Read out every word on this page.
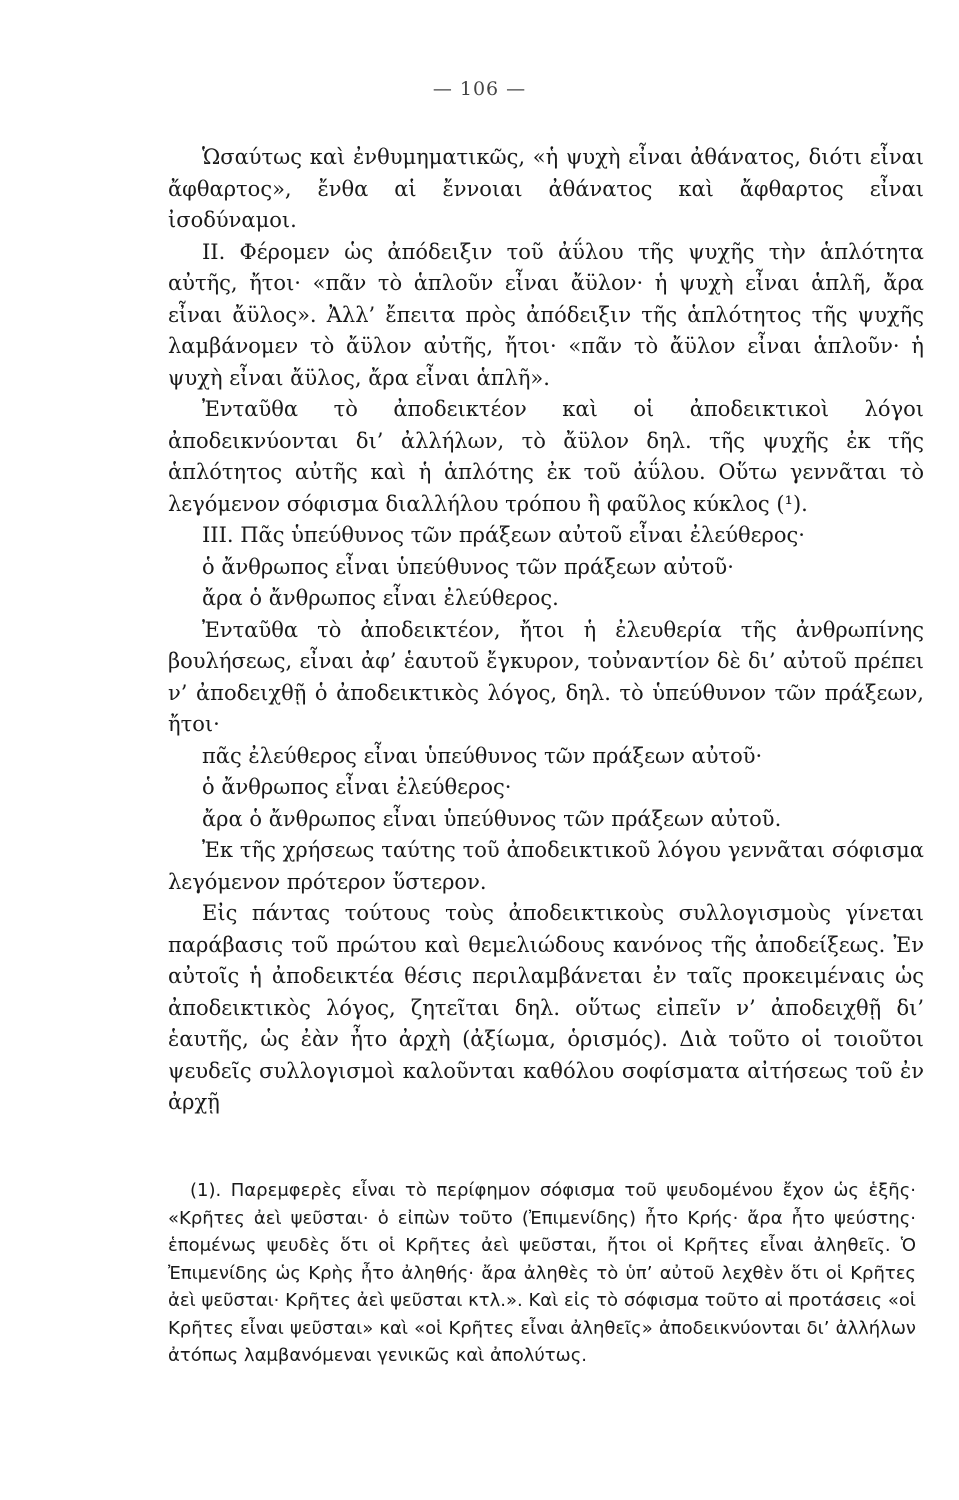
— 106 —

Ὡσαύτως καὶ ἐνθυμηματικῶς, «ἡ ψυχὴ εἶναι ἀθάνατος, διότι εἶναι ἄφθαρτος», ἔνθα αἱ ἔννοιαι ἀθάνατος καὶ ἄφθαρτος εἶναι ἰσοδύναμοι.

II. Φέρομεν ὡς ἀπόδειξιν τοῦ ἀΰλου τῆς ψυχῆς τὴν ἁπλότητα αὐτῆς, ἤτοι· «πᾶν τὸ ἁπλοῦν εἶναι ἄϋλον· ἡ ψυχὴ εἶναι ἁπλῆ, ἄρα εἶναι ἄϋλος». Ἀλλ’ ἔπειτα πρὸς ἀπόδειξιν τῆς ἁπλότητος τῆς ψυχῆς λαμβάνομεν τὸ ἄϋλον αὐτῆς, ἤτοι· «πᾶν τὸ ἄϋλον εἶναι ἁπλοῦν· ἡ ψυχὴ εἶναι ἄϋλος, ἄρα εἶναι ἁπλῆ».

Ἐνταῦθα τὸ ἀποδεικτέον καὶ οἱ ἀποδεικτικοὶ λόγοι ἀποδεικνύονται δι’ ἀλλήλων, τὸ ἄϋλον δηλ. τῆς ψυχῆς ἐκ τῆς ἁπλότητος αὐτῆς καὶ ἡ ἁπλότης ἐκ τοῦ ἀΰλου. Οὕτω γεννᾶται τὸ λεγόμενον σόφισμα διαλλήλου τρόπου ἢ φαῦλος κύκλος (¹).

III. Πᾶς ὑπεύθυνος τῶν πράξεων αὐτοῦ εἶναι ἐλεύθερος·

ὁ ἄνθρωπος εἶναι ὑπεύθυνος τῶν πράξεων αὐτοῦ·

ἄρα ὁ ἄνθρωπος εἶναι ἐλεύθερος.

Ἐνταῦθα τὸ ἀποδεικτέον, ἤτοι ἡ ἐλευθερία τῆς ἀνθρωπίνης βουλήσεως, εἶναι ἀφ’ ἑαυτοῦ ἔγκυρον, τοὐναντίον δὲ δι’ αὐτοῦ πρέπει ν’ ἀποδειχθῇ ὁ ἀποδεικτικὸς λόγος, δηλ. τὸ ὑπεύθυνον τῶν πράξεων, ἤτοι·

πᾶς ἐλεύθερος εἶναι ὑπεύθυνος τῶν πράξεων αὐτοῦ·

ὁ ἄνθρωπος εἶναι ἐλεύθερος·

ἄρα ὁ ἄνθρωπος εἶναι ὑπεύθυνος τῶν πράξεων αὐτοῦ.

Ἐκ τῆς χρήσεως ταύτης τοῦ ἀποδεικτικοῦ λόγου γεννᾶται σόφισμα λεγόμενον πρότερον ὕστερον.

Εἰς πάντας τούτους τοὺς ἀποδεικτικοὺς συλλογισμοὺς γίνεται παράβασις τοῦ πρώτου καὶ θεμελιώδους κανόνος τῆς ἀποδείξεως. Ἐν αὐτοῖς ἡ ἀποδεικτέα θέσις περιλαμβάνεται ἐν ταῖς προκειμέναις ὡς ἀποδεικτικὸς λόγος, ζητεῖται δηλ. οὕτως εἰπεῖν ν’ ἀποδειχθῇ δι’ ἑαυτῆς, ὡς ἐὰν ἦτο ἀρχὴ (ἀξίωμα, ὁρισμός). Διὰ τοῦτο οἱ τοιοῦτοι ψευδεῖς συλλογισμοὶ καλοῦνται καθόλου σοφίσματα αἰτήσεως τοῦ ἐν ἀρχῇ

(1). Παρεμφερὲς εἶναι τὸ περίφημον σόφισμα τοῦ ψευδομένου ἔχον ὡς ἑξῆς· «Κρῆτες ἀεὶ ψεῦσται· ὁ εἰπὼν τοῦτο (Ἐπιμενίδης) ἦτο Κρής· ἄρα ἦτο ψεύστης· ἑπομένως ψευδὲς ὅτι οἱ Κρῆτες ἀεὶ ψεῦσται, ἤτοι οἱ Κρῆτες εἶναι ἀληθεῖς. Ὁ Ἐπιμενίδης ὡς Κρὴς ἦτο ἀληθής· ἄρα ἀληθὲς τὸ ὑπ’ αὐτοῦ λεχθὲν ὅτι οἱ Κρῆτες ἀεὶ ψεῦσται· Κρῆτες ἀεὶ ψεῦσται κτλ.». Καὶ εἰς τὸ σόφισμα τοῦτο αἱ προτάσεις «οἱ Κρῆτες εἶναι ψεῦσται» καὶ «οἱ Κρῆτες εἶναι ἀληθεῖς» ἀποδεικνύονται δι’ ἀλλήλων ἀτόπως λαμβανόμεναι γενικῶς καὶ ἀπολύτως.
